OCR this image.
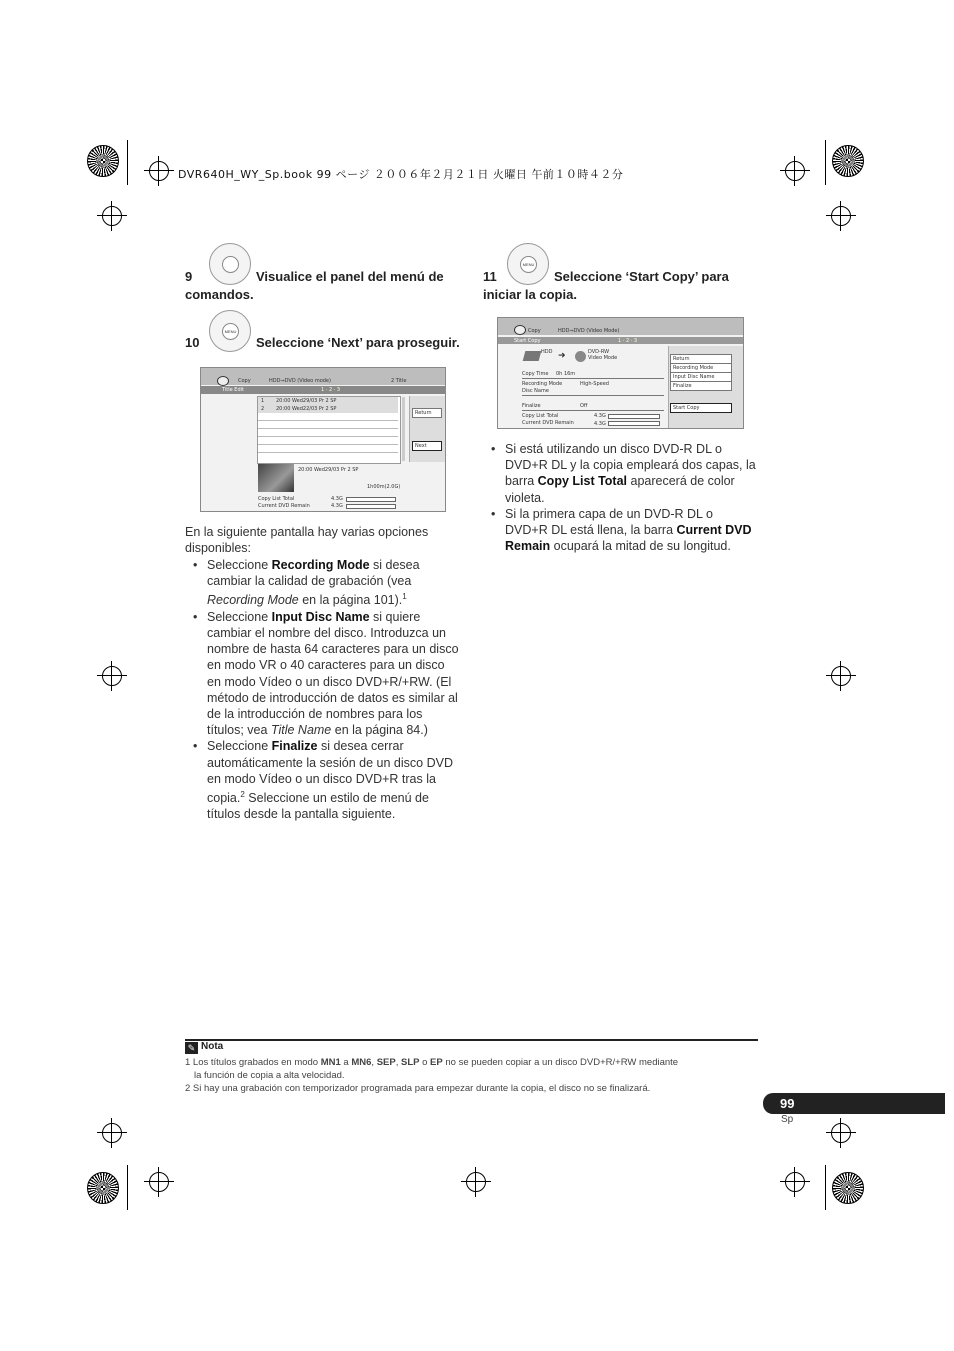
DVR640H_WY_Sp.book 99 ページ ２００６年２月２１日 火曜日 午前１０時４２分
9	Visualice el panel del menú de comandos.
MENU
10	Seleccione ‘Next’ para proseguir.
Copy	HDD⇒DVD (Video mode)	2 Title
Title Edit	1 · 2 · 3
1 20:00 Wed29/03 Pr 2 SP
2 20:00 Wed22/03 Pr 2 SP
20:00 Wed29/03 Pr 2 SP
1h00m(2.0G)
Copy List Total	4.3G
Current DVD Remain	4.3G
Return
Next
En la siguiente pantalla hay varias opciones disponibles:
• Seleccione Recording Mode si desea cambiar la calidad de grabación (vea Recording Mode en la página 101).$^1$
• Seleccione Input Disc Name si quiere cambiar el nombre del disco. Introduzca un nombre de hasta 64 caracteres para un disco en modo VR o 40 caracteres para un disco en modo Vídeo o un disco DVD+R/+RW. (El método de introducción de datos es similar al de la introducción de nombres para los títulos; vea Title Name en la página 84.)
• Seleccione Finalize si desea cerrar automáticamente la sesión de un disco DVD en modo Vídeo o un disco DVD+R tras la copia.$^2$ Seleccione un estilo de menú de títulos desde la pantalla siguiente.
MENU
11	Seleccione ‘Start Copy’ para iniciar la copia.
Copy	HDD⇒DVD (Video Mode)
Start Copy	1 · 2 · 3
HDD ➜	DVD-RW
Video Mode
Copy Time 0h 16m
Recording Mode	High-Speed
Disc Name
Finalize	Off
Copy List Total	4.3G
Current DVD Remain	4.3G
Return
Recording Mode
Input Disc Name
Finalize
Start Copy
• Si está utilizando un disco DVD-R DL o DVD+R DL y la copia empleará dos capas, la barra Copy List Total aparecerá de color violeta.
• Si la primera capa de un DVD-R DL o DVD+R DL está llena, la barra Current DVD Remain ocupará la mitad de su longitud.
✎ Nota
1 Los títulos grabados en modo MN1 a MN6, SEP, SLP o EP no se pueden copiar a un disco DVD+R/+RW mediante
la función de copia a alta velocidad.
2 Si hay una grabación con temporizador programada para empezar durante la copia, el disco no se finalizará.
99
Sp
